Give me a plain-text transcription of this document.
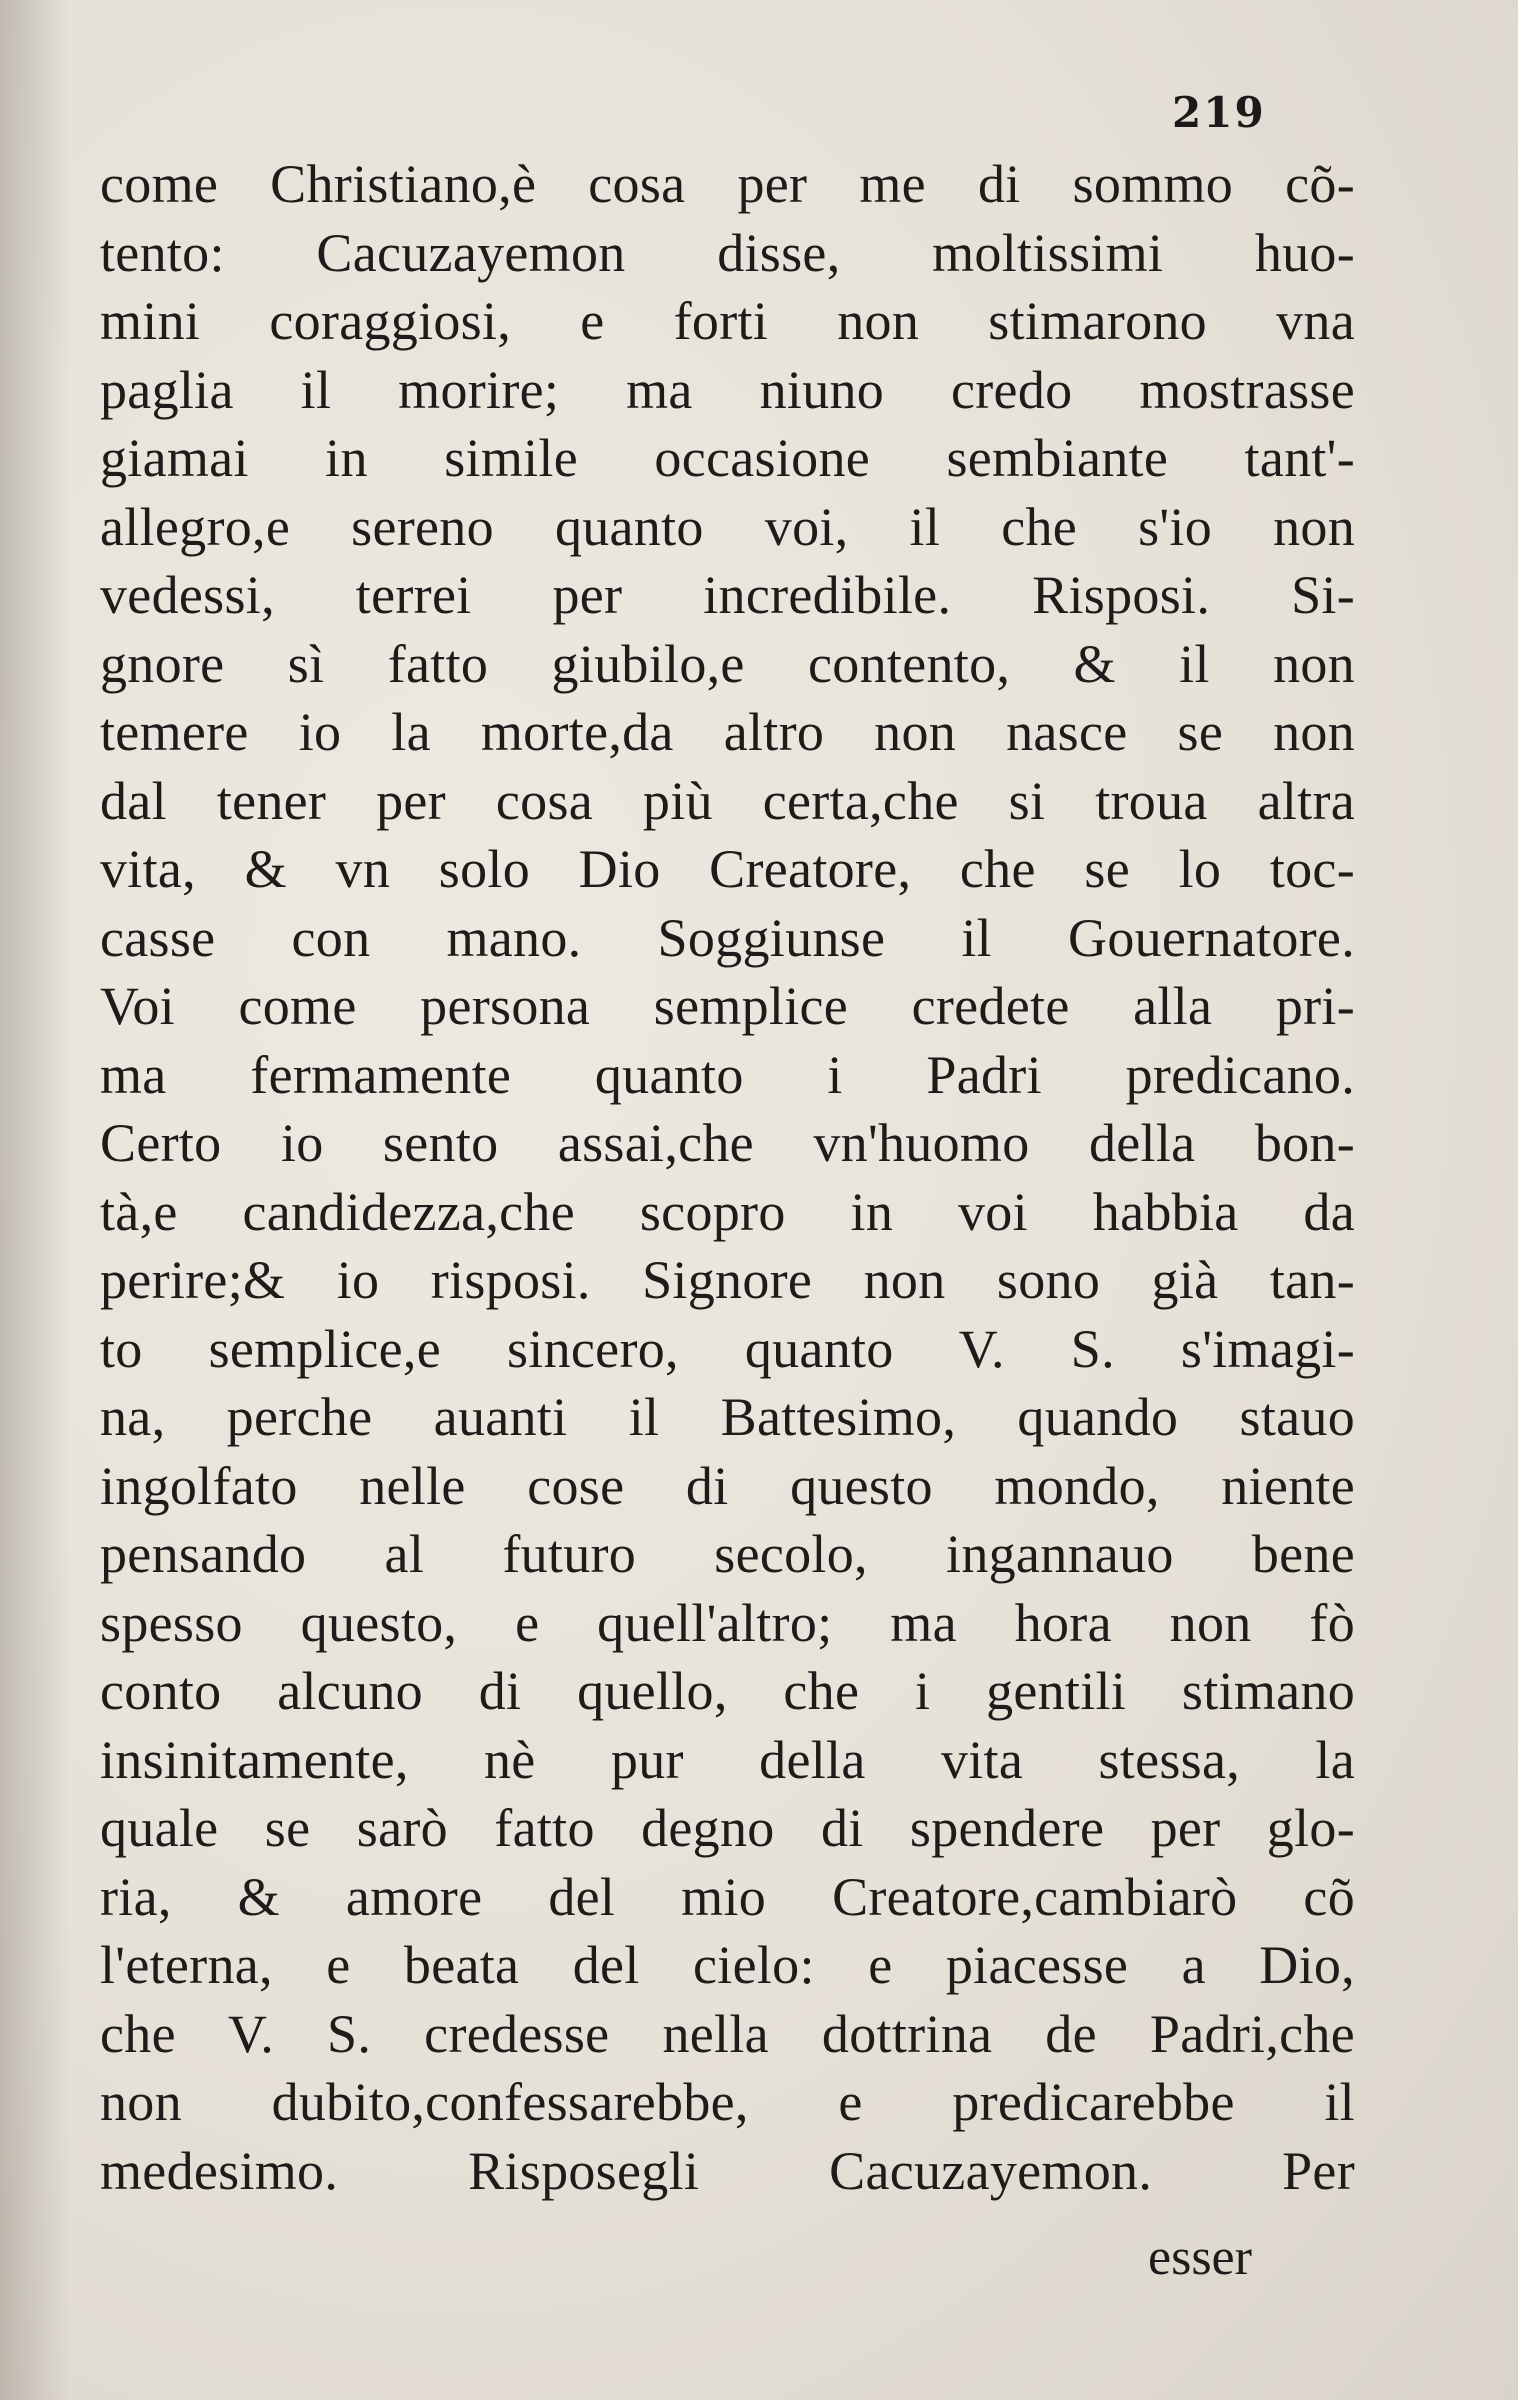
219
come Christiano,è cosa per me di sommo cõ-
tento: Cacuzayemon disse, moltissimi huo-
mini coraggiosi, e forti non stimarono vna
paglia il morire; ma niuno credo mostrasse
giamai in simile occasione sembiante tant'-
allegro,e sereno quanto voi, il che s'io non
vedessi, terrei per incredibile. Risposi. Si-
gnore sì fatto giubilo,e contento, & il non
temere io la morte,da altro non nasce se non
dal tener per cosa più certa,che si troua altra
vita, & vn solo Dio Creatore, che se lo toc-
casse con mano. Soggiunse il Gouernatore.
Voi come persona semplice credete alla pri-
ma fermamente quanto i Padri predicano.
Certo io sento assai,che vn'huomo della bon-
tà,e candidezza,che scopro in voi habbia da
perire;& io risposi. Signore non sono già tan-
to semplice,e sincero, quanto V. S. s'imagi-
na, perche auanti il Battesimo, quando stauo
ingolfato nelle cose di questo mondo, niente
pensando al futuro secolo, ingannauo bene
spesso questo, e quell'altro; ma hora non fò
conto alcuno di quello, che i gentili stimano
insinitamente, nè pur della vita stessa, la
quale se sarò fatto degno di spendere per glo-
ria, & amore del mio Creatore,cambiarò cõ
l'eterna, e beata del cielo: e piacesse a Dio,
che V. S. credesse nella dottrina de Padri,che
non dubito,confessarebbe, e predicarebbe il
medesimo. Risposegli Cacuzayemon. Per
esser
